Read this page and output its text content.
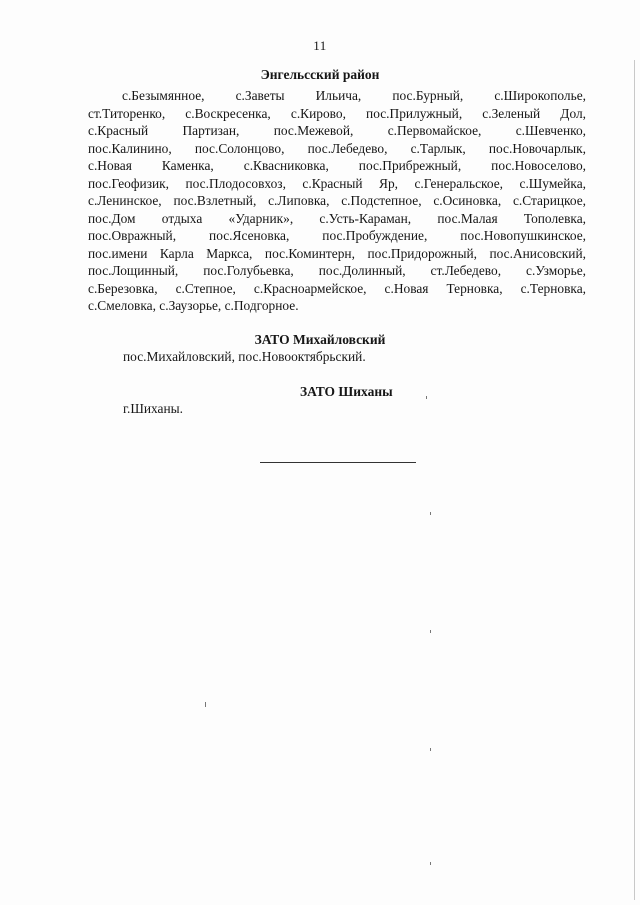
11
Энгельсский район
с.Безымянное, с.Заветы Ильича, пос.Бурный, с.Широкополье,
ст.Титоренко, с.Воскресенка, с.Кирово, пос.Прилужный, с.Зеленый Дол,
с.Красный Партизан, пос.Межевой, с.Первомайское, с.Шевченко,
пос.Калинино, пос.Солонцово, пос.Лебедево, с.Тарлык, пос.Новочарлык,
с.Новая Каменка, с.Квасниковка, пос.Прибрежный, пос.Новоселово,
пос.Геофизик, пос.Плодосовхоз, с.Красный Яр, с.Генеральское, с.Шумейка,
с.Ленинское, пос.Взлетный, с.Липовка, с.Подстепное, с.Осиновка, с.Старицкое,
пос.Дом отдыха «Ударник», с.Усть-Караман, пос.Малая Тополевка,
пос.Овражный, пос.Ясеновка, пос.Пробуждение, пос.Новопушкинское,
пос.имени Карла Маркса, пос.Коминтерн, пос.Придорожный, пос.Анисовский,
пос.Лощинный, пос.Голубьевка, пос.Долинный, ст.Лебедево, с.Узморье,
с.Березовка, с.Степное, с.Красноармейское, с.Новая Терновка, с.Терновка,
с.Смеловка, с.Заузорье, с.Подгорное.
ЗАТО Михайловский
пос.Михайловский, пос.Новооктябрьский.
ЗАТО Шиханы
г.Шиханы.
